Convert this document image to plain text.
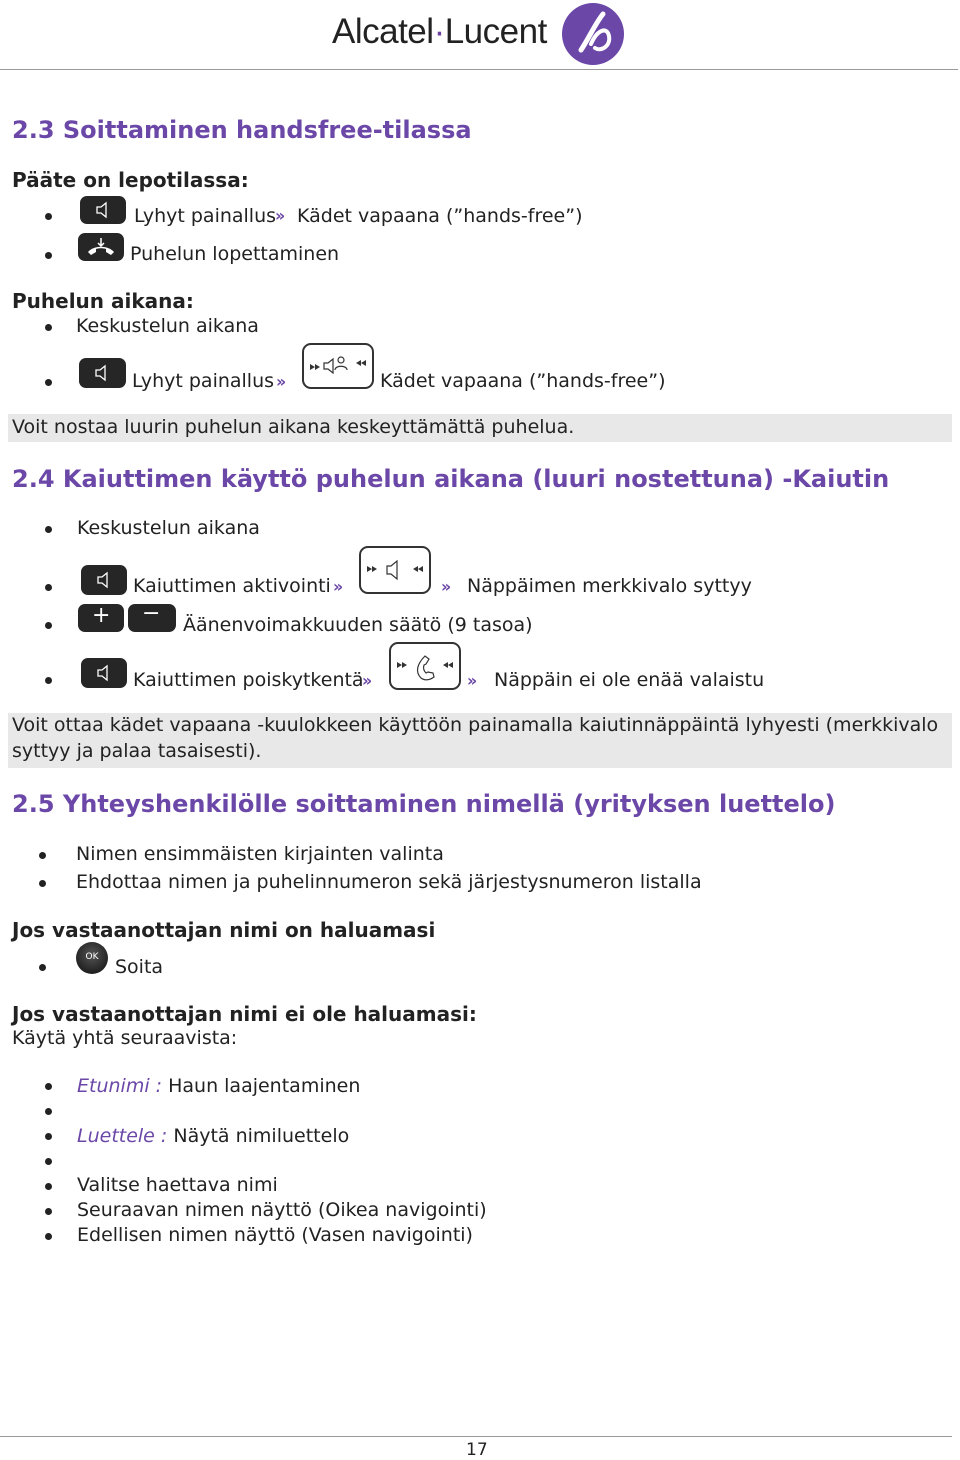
Alcatel·Lucent
2.3 Soittaminen handsfree-tilassa
Pääte on lepotilassa:
Lyhyt painallus
›› Kädet vapaana (”hands-free”)
Puhelun lopettaminen
Puhelun aikana:
Keskustelun aikana
Lyhyt painallus ››	Kädet vapaana (”hands-free”)
Voit nostaa luurin puhelun aikana keskeyttämättä puhelua.
2.4 Kaiuttimen käyttö puhelun aikana (luuri nostettuna) -Kaiutin
Keskustelun aikana
Kaiuttimen aktivointi ››	›› Näppäimen merkkivalo syttyy
+ − Äänenvoimakkuuden säätö (9 tasoa)
Kaiuttimen poiskytkentä
››	›› Näppäin ei ole enää valaistu
Voit ottaa kädet vapaana -kuulokkeen käyttöön painamalla kaiutinnäppäintä lyhyesti (merkkivalo
syttyy ja palaa tasaisesti).
2.5 Yhteyshenkilölle soittaminen nimellä (yrityksen luettelo)
Nimen ensimmäisten kirjainten valinta
Ehdottaa nimen ja puhelinnumeron sekä järjestysnumeron listalla
Jos vastaanottajan nimi on haluamasi
OK Soita
Jos vastaanottajan nimi ei ole haluamasi:
Käytä yhtä seuraavista:
Etunimi : Haun laajentaminen
Luettele : Näytä nimiluettelo
Valitse haettava nimi
Seuraavan nimen näyttö (Oikea navigointi)
Edellisen nimen näyttö (Vasen navigointi)
17
